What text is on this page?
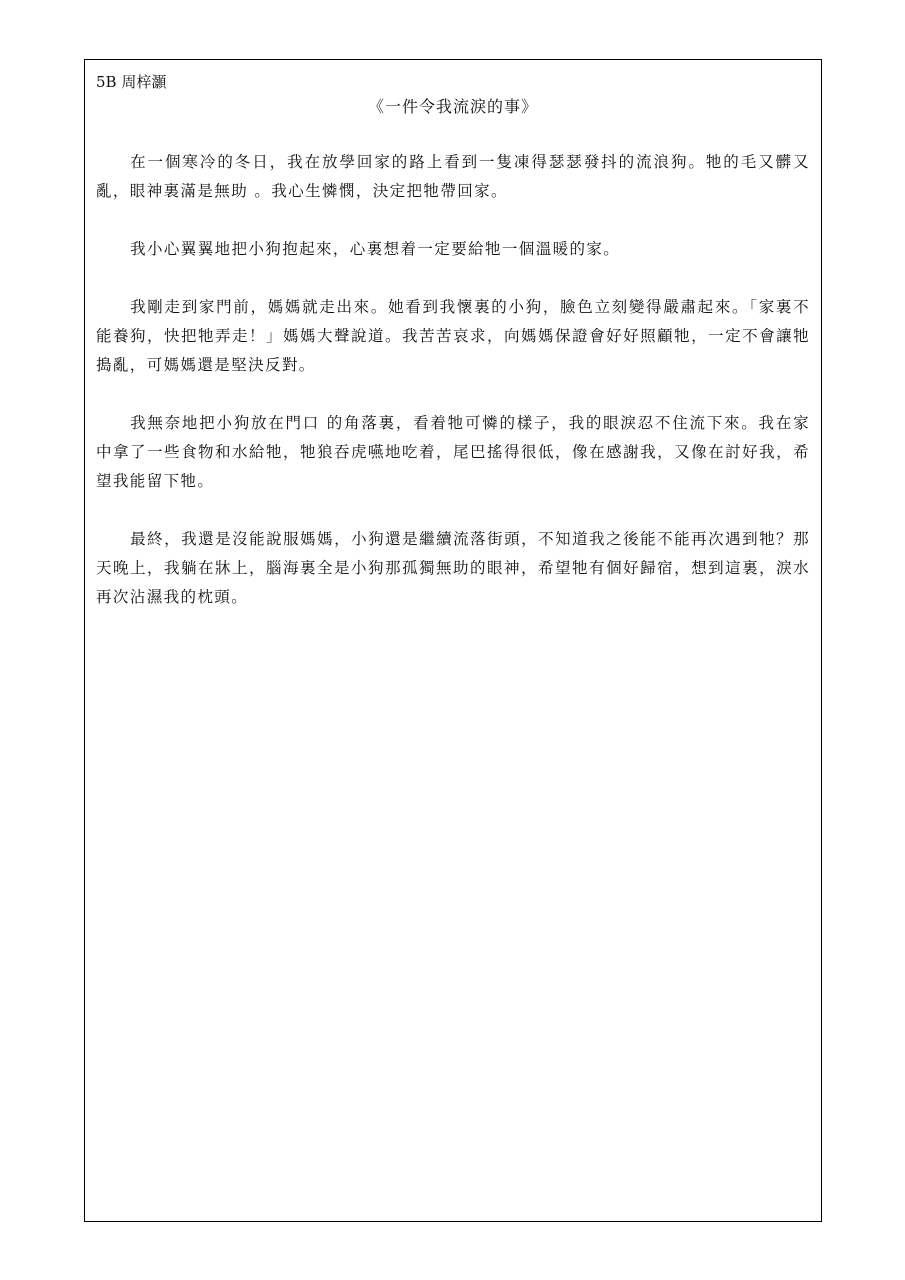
5B 周梓灝
《一件令我流淚的事》

在一個寒冷的冬日，我在放學回家的路上看到一隻凍得瑟瑟發抖的流浪狗。牠的毛又髒又亂，眼神裏滿是無助 。我心生憐憫，決定把牠帶回家。

我小心翼翼地把小狗抱起來，心裏想着一定要給牠一個溫暖的家。

我剛走到家門前，媽媽就走出來。她看到我懷裏的小狗，臉色立刻變得嚴肅起來。「家裏不能養狗，快把牠弄走！」媽媽大聲說道。我苦苦哀求，向媽媽保證會好好照顧牠，一定不會讓牠搗亂，可媽媽還是堅決反對。

我無奈地把小狗放在門口 的角落裏，看着牠可憐的樣子，我的眼淚忍不住流下來。我在家中拿了一些食物和水給牠，牠狼吞虎嚥地吃着，尾巴搖得很低，像在感謝我，又像在討好我，希望我能留下牠。

最終，我還是沒能說服媽媽，小狗還是繼續流落街頭，不知道我之後能不能再次遇到牠？那天晚上，我躺在牀上，腦海裏全是小狗那孤獨無助的眼神，希望牠有個好歸宿，想到這裏，淚水再次沾濕我的枕頭。
